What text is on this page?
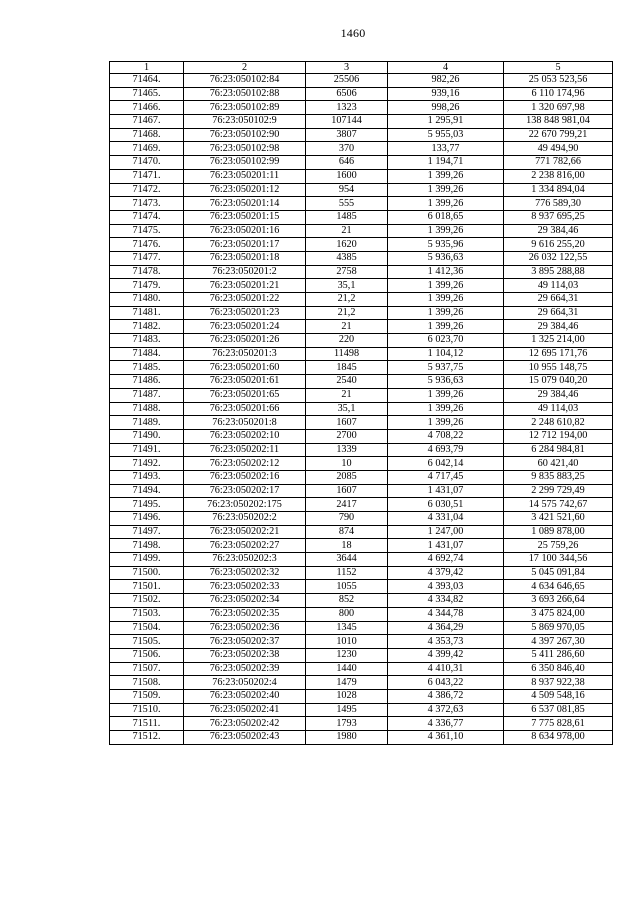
1460
1	2	3	4	5
71464.	76:23:050102:84	25506	982,26	25 053 523,56
71465.	76:23:050102:88	6506	939,16	6 110 174,96
71466.	76:23:050102:89	1323	998,26	1 320 697,98
71467.	76:23:050102:9	107144	1 295,91	138 848 981,04
71468.	76:23:050102:90	3807	5 955,03	22 670 799,21
71469.	76:23:050102:98	370	133,77	49 494,90
71470.	76:23:050102:99	646	1 194,71	771 782,66
71471.	76:23:050201:11	1600	1 399,26	2 238 816,00
71472.	76:23:050201:12	954	1 399,26	1 334 894,04
71473.	76:23:050201:14	555	1 399,26	776 589,30
71474.	76:23:050201:15	1485	6 018,65	8 937 695,25
71475.	76:23:050201:16	21	1 399,26	29 384,46
71476.	76:23:050201:17	1620	5 935,96	9 616 255,20
71477.	76:23:050201:18	4385	5 936,63	26 032 122,55
71478.	76:23:050201:2	2758	1 412,36	3 895 288,88
71479.	76:23:050201:21	35,1	1 399,26	49 114,03
71480.	76:23:050201:22	21,2	1 399,26	29 664,31
71481.	76:23:050201:23	21,2	1 399,26	29 664,31
71482.	76:23:050201:24	21	1 399,26	29 384,46
71483.	76:23:050201:26	220	6 023,70	1 325 214,00
71484.	76:23:050201:3	11498	1 104,12	12 695 171,76
71485.	76:23:050201:60	1845	5 937,75	10 955 148,75
71486.	76:23:050201:61	2540	5 936,63	15 079 040,20
71487.	76:23:050201:65	21	1 399,26	29 384,46
71488.	76:23:050201:66	35,1	1 399,26	49 114,03
71489.	76:23:050201:8	1607	1 399,26	2 248 610,82
71490.	76:23:050202:10	2700	4 708,22	12 712 194,00
71491.	76:23:050202:11	1339	4 693,79	6 284 984,81
71492.	76:23:050202:12	10	6 042,14	60 421,40
71493.	76:23:050202:16	2085	4 717,45	9 835 883,25
71494.	76:23:050202:17	1607	1 431,07	2 299 729,49
71495.	76:23:050202:175	2417	6 030,51	14 575 742,67
71496.	76:23:050202:2	790	4 331,04	3 421 521,60
71497.	76:23:050202:21	874	1 247,00	1 089 878,00
71498.	76:23:050202:27	18	1 431,07	25 759,26
71499.	76:23:050202:3	3644	4 692,74	17 100 344,56
71500.	76:23:050202:32	1152	4 379,42	5 045 091,84
71501.	76:23:050202:33	1055	4 393,03	4 634 646,65
71502.	76:23:050202:34	852	4 334,82	3 693 266,64
71503.	76:23:050202:35	800	4 344,78	3 475 824,00
71504.	76:23:050202:36	1345	4 364,29	5 869 970,05
71505.	76:23:050202:37	1010	4 353,73	4 397 267,30
71506.	76:23:050202:38	1230	4 399,42	5 411 286,60
71507.	76:23:050202:39	1440	4 410,31	6 350 846,40
71508.	76:23:050202:4	1479	6 043,22	8 937 922,38
71509.	76:23:050202:40	1028	4 386,72	4 509 548,16
71510.	76:23:050202:41	1495	4 372,63	6 537 081,85
71511.	76:23:050202:42	1793	4 336,77	7 775 828,61
71512.	76:23:050202:43	1980	4 361,10	8 634 978,00
